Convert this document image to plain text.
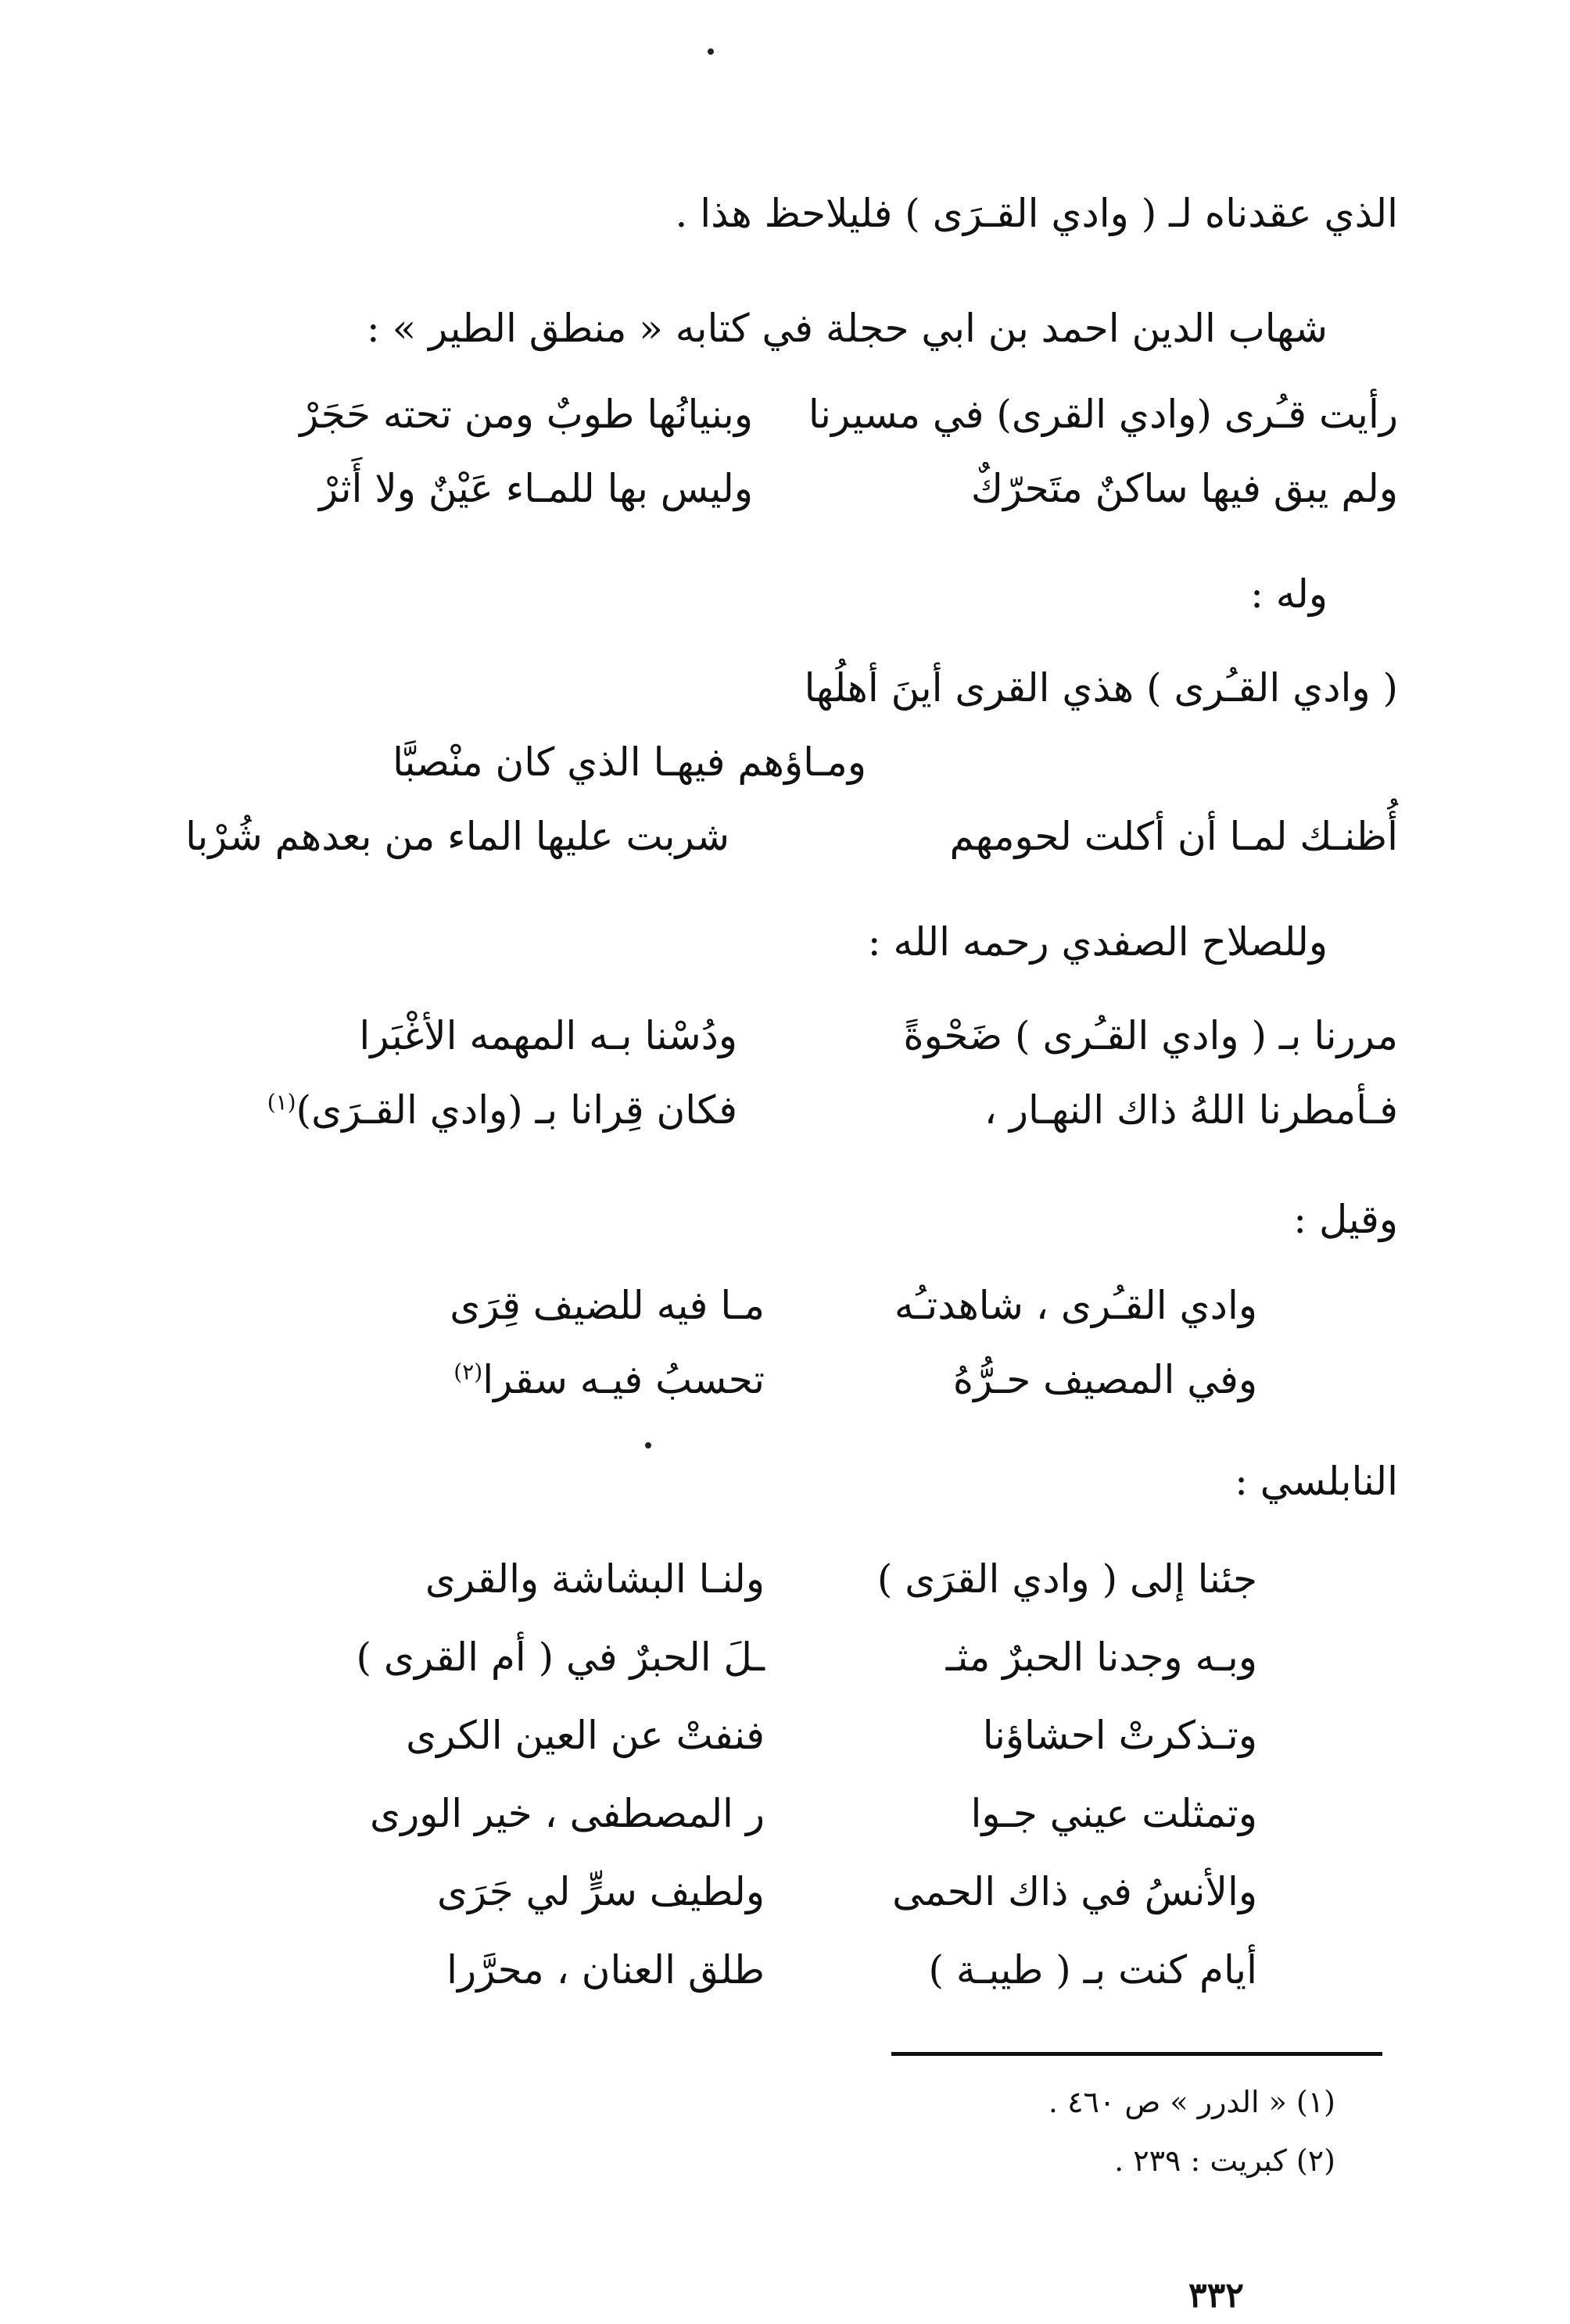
الذي عقدناه لـ ( وادي القـرَى ) فليلاحظ هذا .
شهاب الدين احمد بن ابي حجلة في كتابه « منطق الطير » :
رأيت قـُرى (وادي القرى) في مسيرنا
وبنيانُها طوبٌ ومن تحته حَجَرْ
ولم يبق فيها ساكنٌ متَحرّكٌ
وليس بها للمـاء عَيْنٌ ولا أَثرْ
وله :
( وادي القـُرى ) هذي القرى أينَ أهلُها
ومـاؤهم فيهـا الذي كان منْصبَّا
أُظنـك لمـا أن أكلت لحومهم
شربت عليها الماء من بعدهم شُرْبا
وللصلاح الصفدي رحمه الله :
مررنا بـ ( وادي القـُرى ) ضَحْوةً
ودُسْنا بـه المهمه الأغْبَرا
فـأمطرنا اللهُ ذاك النهـار ،
فكان قِرانا بـ (وادي القـرَى)$^{(١)}$
وقيل :
وادي القـُرى ، شاهدتـُه
مـا فيه للضيف قِرَى
وفي المصيف حـرُّهُ
تحسبُ فيـه سقرا$^{(٢)}$
النابلسي :
جئنا إلى ( وادي القرَى )
ولنـا البشاشة والقرى
وبـه وجدنا الحبرٌ مثـ
ـلَ الحبرٌ في ( أم القرى )
وتـذكرتْ احشاؤنا
فنفتْ عن العين الكرى
وتمثلت عيني جـوا
ر المصطفى ، خير الورى
والأنسُ في ذاك الحمى
ولطيف سرٍّ لي جَرَى
أيام كنت بـ ( طيبـة )
طلق العنان ، محرَّرا
(١) « الدرر » ص ٤٦٠ .
(٢) كبريت : ٢٣٩ .
٣٣٢
